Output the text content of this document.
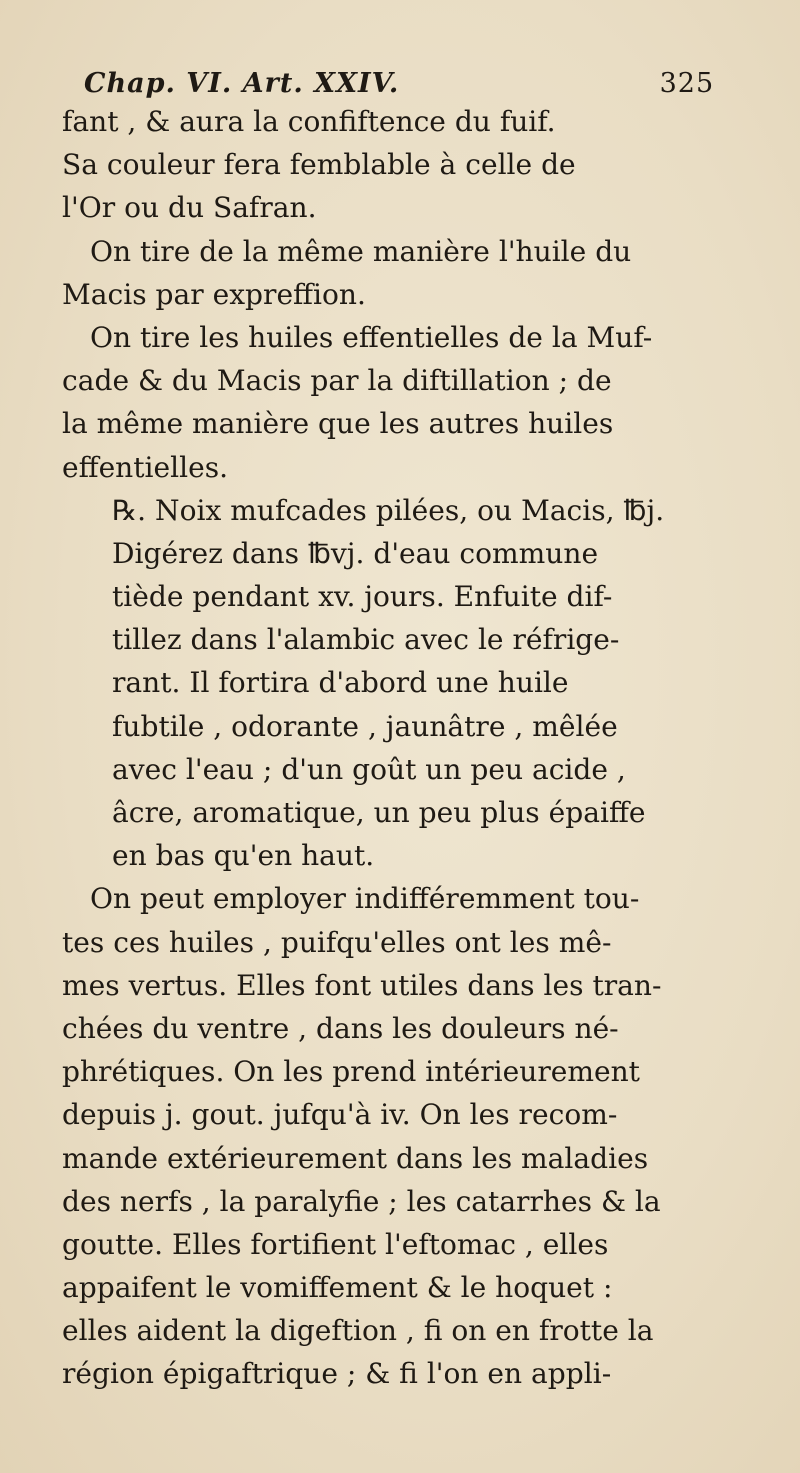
Chap. VI. Art. XXIV.	325
fant , & aura la confiftence du fuif.
Sa couleur fera femblable à celle de
l'Or ou du Safran.
On tire de la même manière l'huile du
Macis par expreffion.
On tire les huiles effentielles de la Muf-
cade & du Macis par la diftillation ; de
la même manière que les autres huiles
effentielles.
℞. Noix mufcades pilées, ou Macis, ℔j.
Digérez dans ℔vj. d'eau commune
tiède pendant xv. jours. Enfuite dif-
tillez dans l'alambic avec le réfrige-
rant. Il fortira d'abord une huile
fubtile , odorante , jaunâtre , mêlée
avec l'eau ; d'un goût un peu acide ,
âcre, aromatique, un peu plus épaiffe
en bas qu'en haut.
On peut employer indifféremment tou-
tes ces huiles , puifqu'elles ont les mê-
mes vertus. Elles font utiles dans les tran-
chées du ventre , dans les douleurs né-
phrétiques. On les prend intérieurement
depuis j. gout. jufqu'à iv. On les recom-
mande extérieurement dans les maladies
des nerfs , la paralyfie ; les catarrhes & la
goutte. Elles fortifient l'eftomac , elles
appaifent le vomiffement & le hoquet :
elles aident la digeftion , fi on en frotte la
région épigaftrique ; & fi l'on en appli-
